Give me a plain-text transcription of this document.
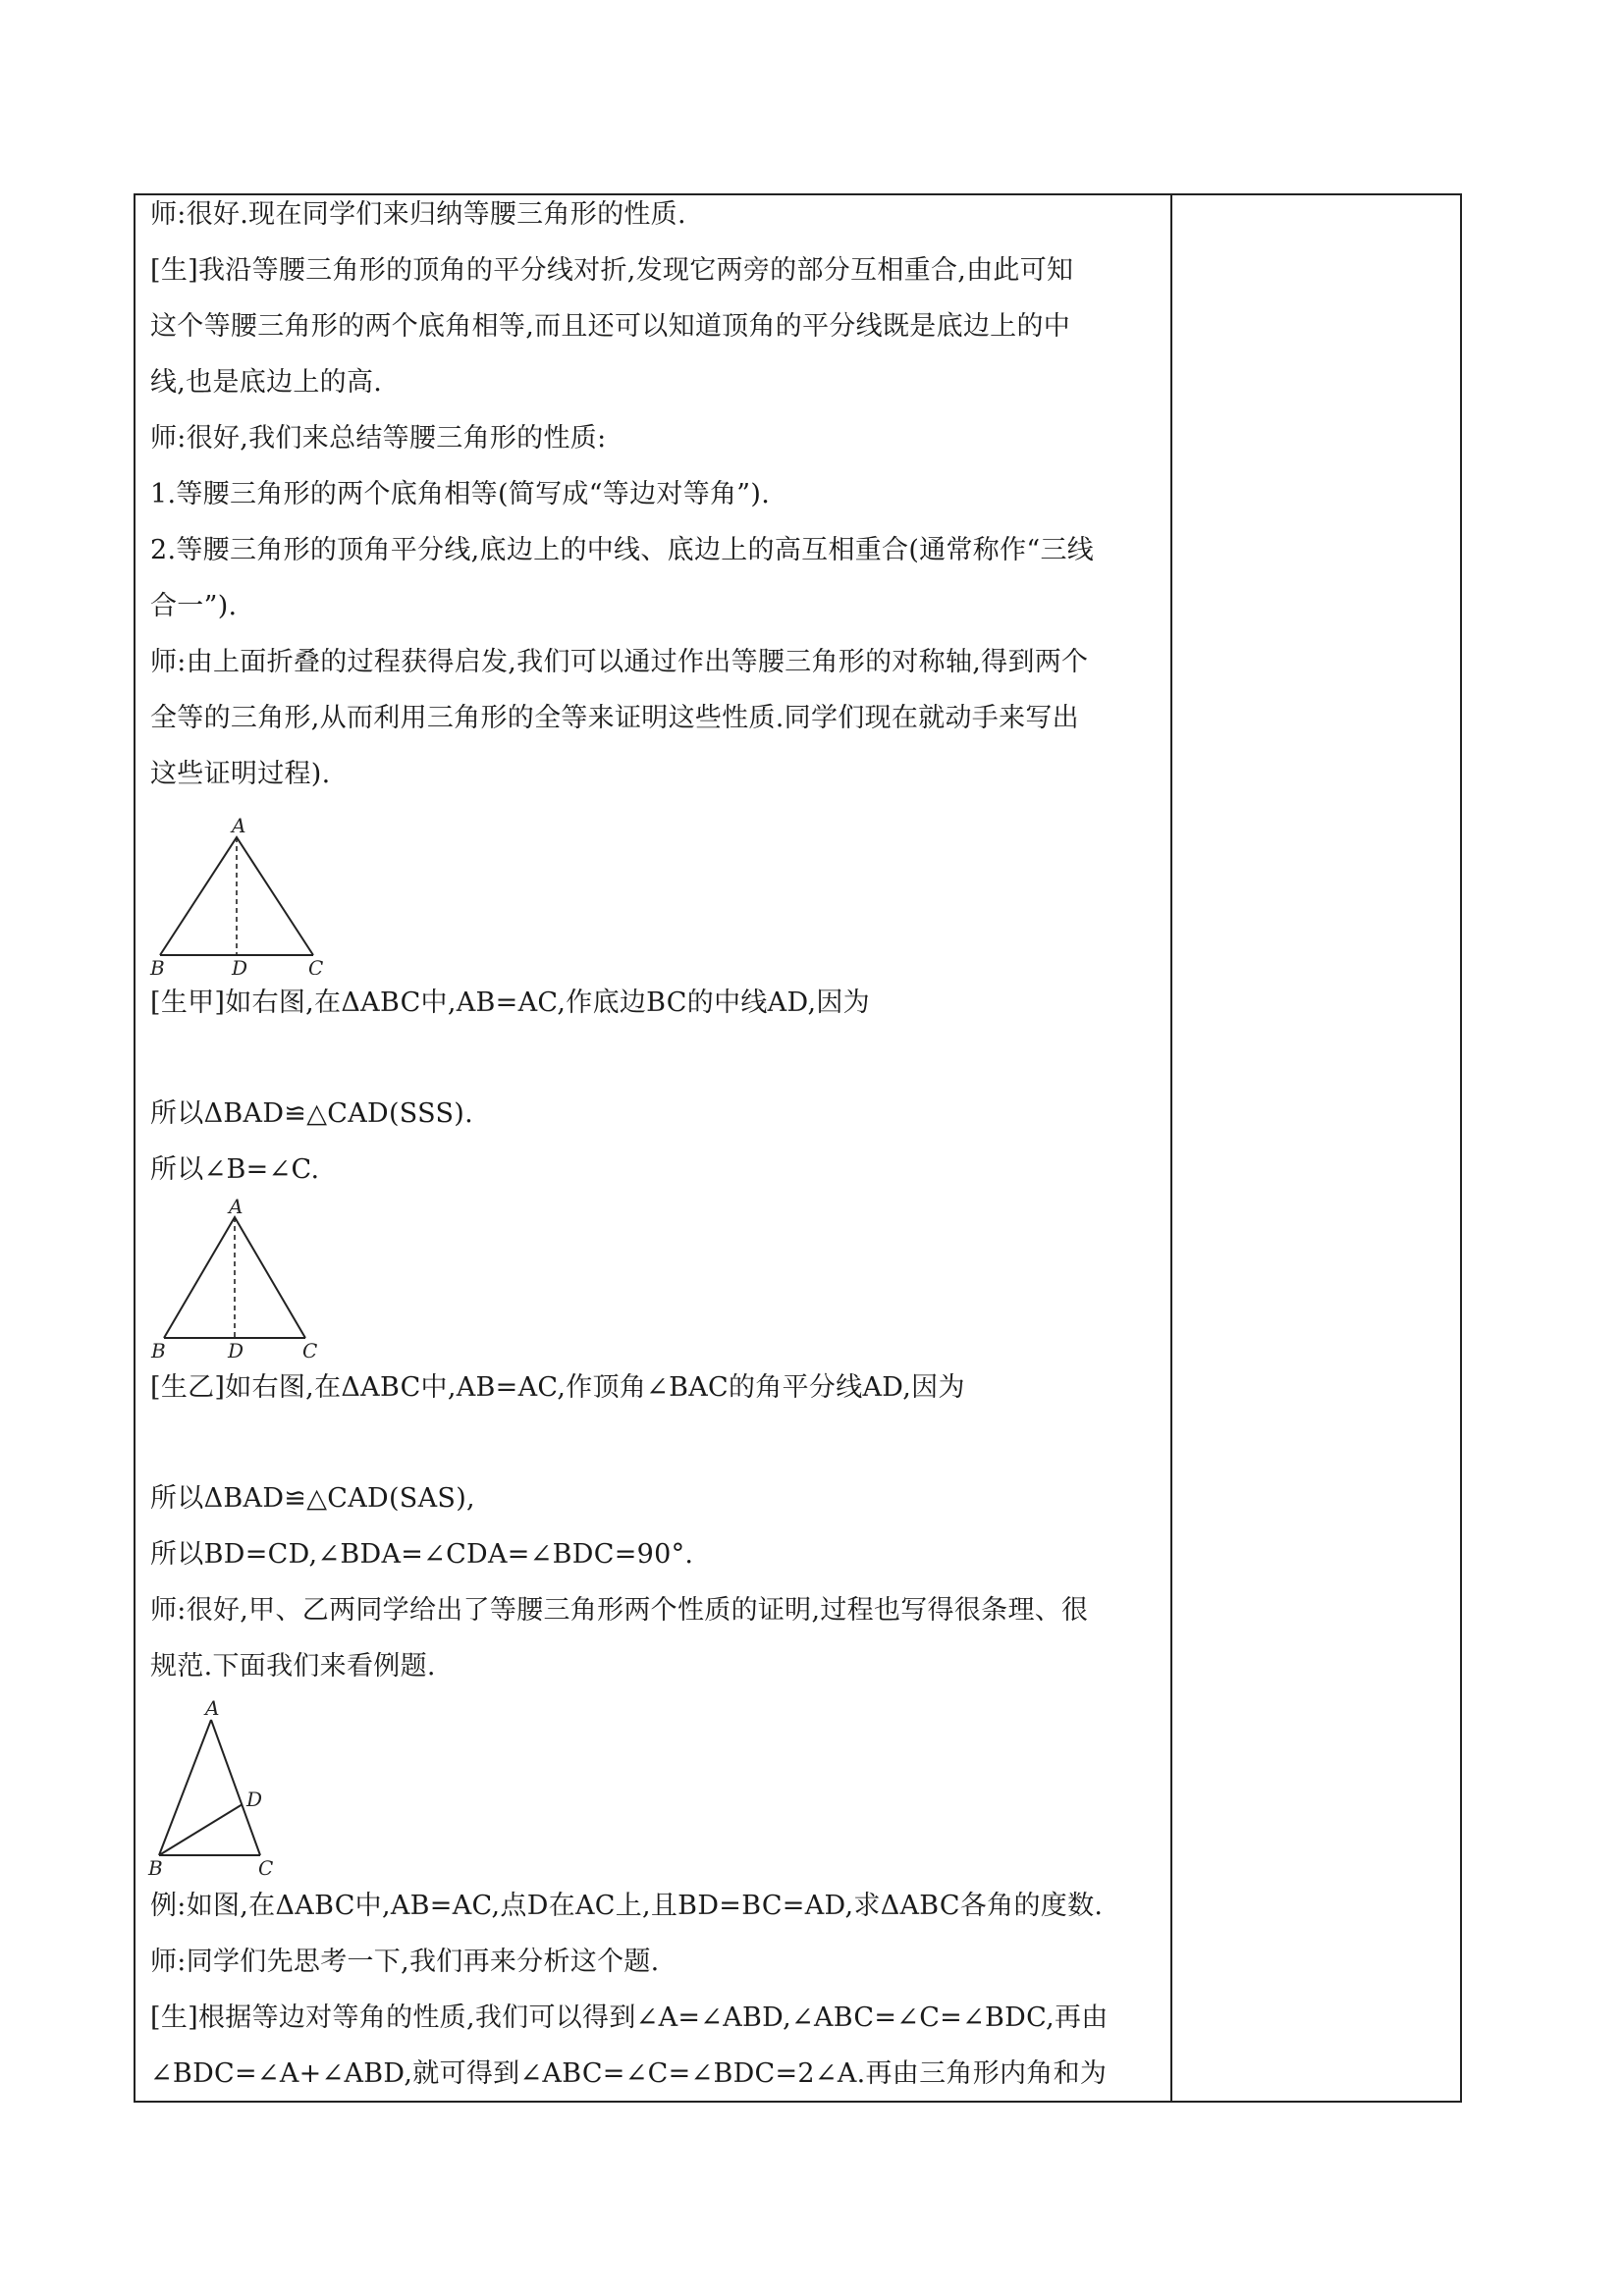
师:很好.现在同学们来归纳等腰三角形的性质.
[生]我沿等腰三角形的顶角的平分线对折,发现它两旁的部分互相重合,由此可知
这个等腰三角形的两个底角相等,而且还可以知道顶角的平分线既是底边上的中
线,也是底边上的高.
师:很好,我们来总结等腰三角形的性质:
1.等腰三角形的两个底角相等(简写成“等边对等角”).
2.等腰三角形的顶角平分线,底边上的中线、底边上的高互相重合(通常称作“三线
合一”).
师:由上面折叠的过程获得启发,我们可以通过作出等腰三角形的对称轴,得到两个
全等的三角形,从而利用三角形的全等来证明这些性质.同学们现在就动手来写出
这些证明过程).
A
B	D	C
[生甲]如右图,在ΔABC中,AB=AC,作底边BC的中线AD,因为
所以ΔBAD≌△CAD(SSS).
所以∠B=∠C.
A
B	D	C
[生乙]如右图,在ΔABC中,AB=AC,作顶角∠BAC的角平分线AD,因为
所以ΔBAD≌△CAD(SAS),
所以BD=CD,∠BDA=∠CDA=∠BDC=90°.
师:很好,甲、乙两同学给出了等腰三角形两个性质的证明,过程也写得很条理、很
规范.下面我们来看例题.
A
D
B	C
例:如图,在ΔABC中,AB=AC,点D在AC上,且BD=BC=AD,求ΔABC各角的度数.
师:同学们先思考一下,我们再来分析这个题.
[生]根据等边对等角的性质,我们可以得到∠A=∠ABD,∠ABC=∠C=∠BDC,再由
∠BDC=∠A+∠ABD,就可得到∠ABC=∠C=∠BDC=2∠A.再由三角形内角和为
